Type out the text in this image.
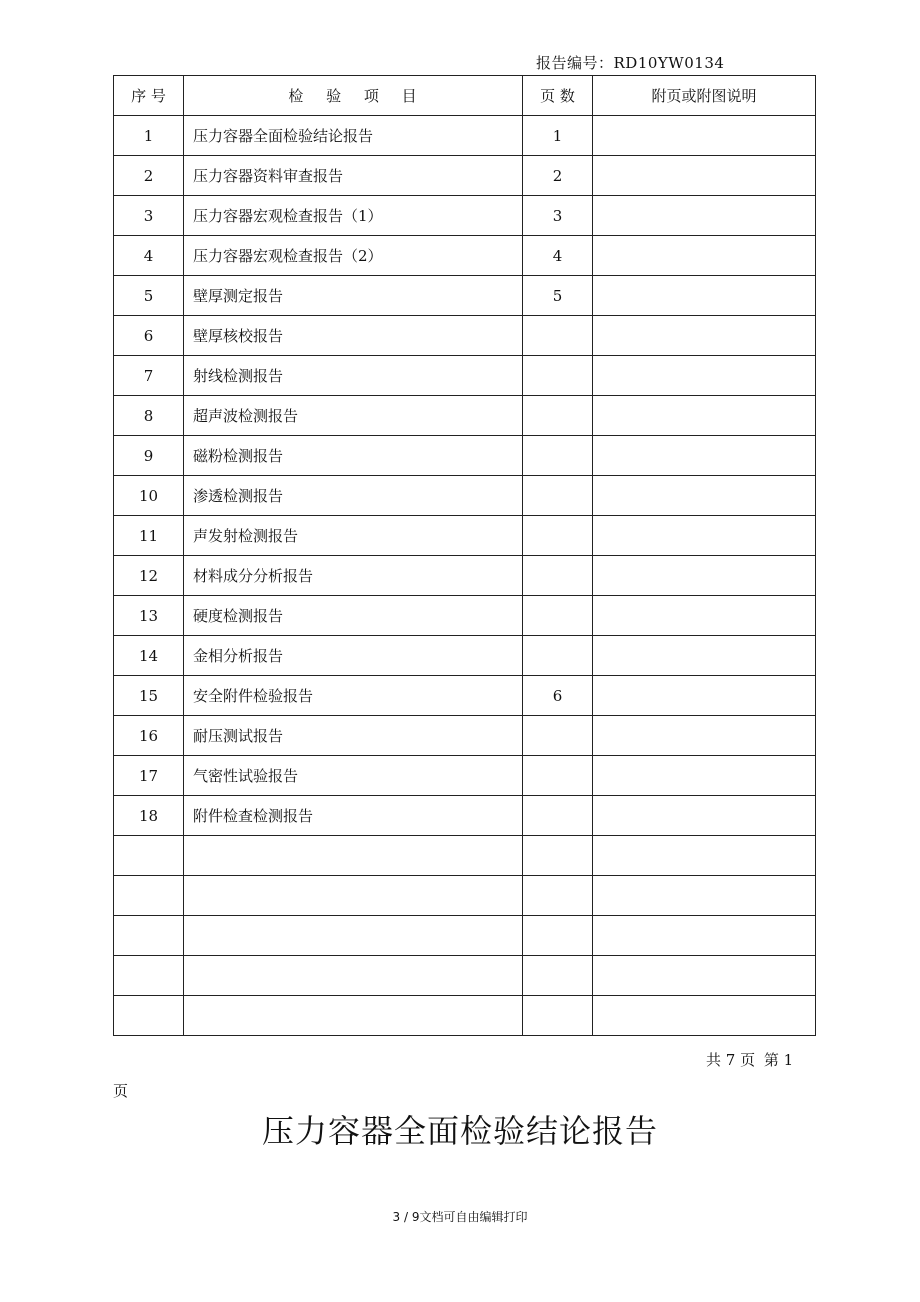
报告编号：RD10YW0134
序 号	检　 验　 项　 目	页 数	附页或附图说明
1	压力容器全面检验结论报告	1	
2	压力容器资料审查报告	2	
3	压力容器宏观检查报告（1）	3	
4	压力容器宏观检查报告（2）	4	
5	壁厚测定报告	5	
6	壁厚核校报告		
7	射线检测报告		
8	超声波检测报告		
9	磁粉检测报告		
10	渗透检测报告		
11	声发射检测报告		
12	材料成分分析报告		
13	硬度检测报告		
14	金相分析报告		
15	安全附件检验报告	6	
16	耐压测试报告		
17	气密性试验报告		
18	附件检查检测报告		

共 7 页 第 1
页
压力容器全面检验结论报告
3 / 9文档可自由编辑打印
